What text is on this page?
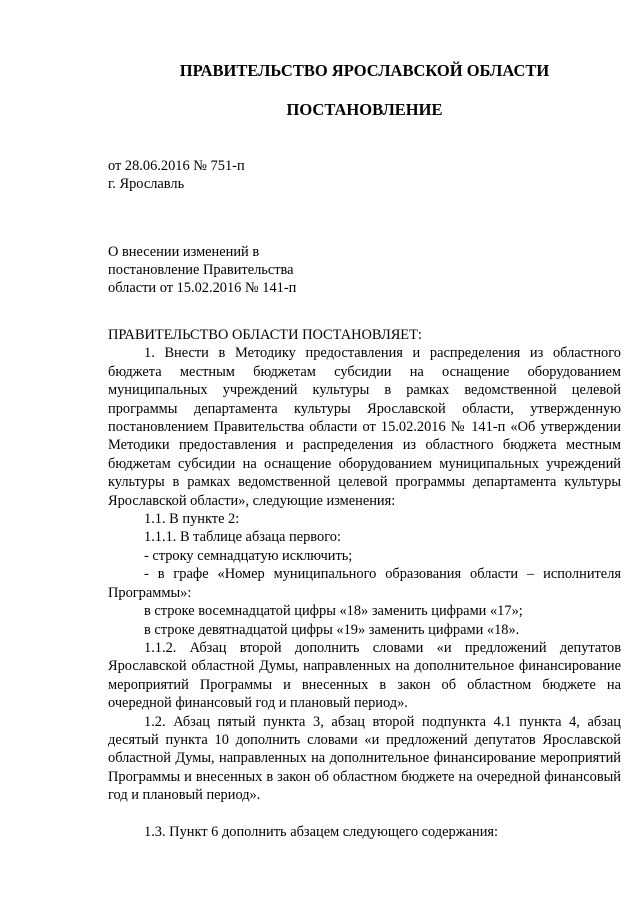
ПРАВИТЕЛЬСТВО ЯРОСЛАВСКОЙ ОБЛАСТИ
ПОСТАНОВЛЕНИЕ
от 28.06.2016 № 751-п
г. Ярославль
О внесении изменений в
постановление Правительства
области от 15.02.2016 № 141-п

ПРАВИТЕЛЬСТВО ОБЛАСТИ ПОСТАНОВЛЯЕТ:

1. Внести в Методику предоставления и распределения из областного бюджета местным бюджетам субсидии на оснащение оборудованием муниципальных учреждений культуры в рамках ведомственной целевой программы департамента культуры Ярославской области, утвержденную постановлением Правительства области от 15.02.2016 № 141-п «Об утверждении Методики предоставления и распределения из областного бюджета местным бюджетам субсидии на оснащение оборудованием муниципальных учреждений культуры в рамках ведомственной целевой программы департамента культуры Ярославской области», следующие изменения:

1.1. В пункте 2:

1.1.1. В таблице абзаца первого:

- строку семнадцатую исключить;

- в графе «Номер муниципального образования области – исполнителя Программы»:

в строке восемнадцатой цифры «18» заменить цифрами «17»;

в строке девятнадцатой цифры «19» заменить цифрами «18».

1.1.2. Абзац второй дополнить словами «и предложений депутатов Ярославской областной Думы, направленных на дополнительное финансирование мероприятий Программы и внесенных в закон об областном бюджете на очередной финансовый год и плановый период».

1.2. Абзац пятый пункта 3, абзац второй подпункта 4.1 пункта 4, абзац десятый пункта 10 дополнить словами «и предложений депутатов Ярославской областной Думы, направленных на дополнительное финансирование мероприятий Программы и внесенных в закон об областном бюджете на очередной финансовый год и плановый период».

1.3. Пункт 6 дополнить абзацем следующего содержания:
